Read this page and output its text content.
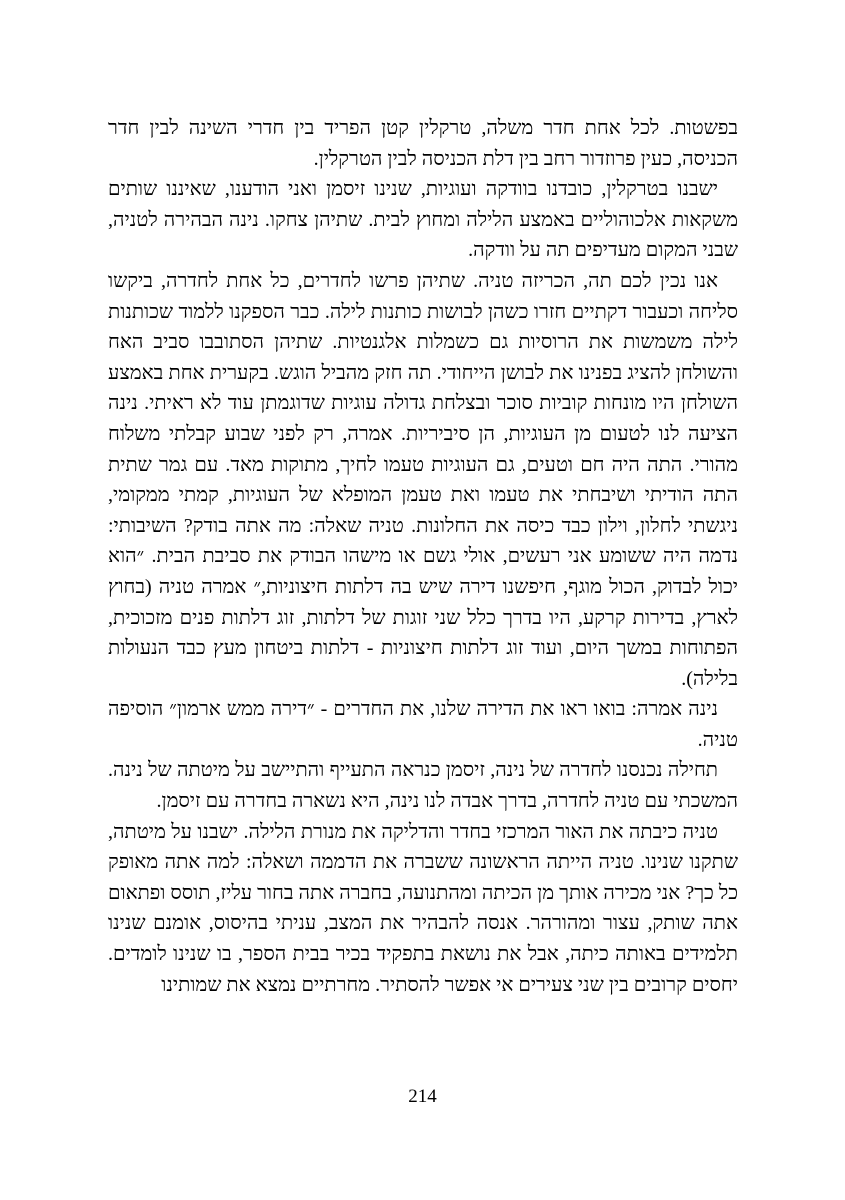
בפשטות. לכל אחת חדר משלה, טרקלין קטן הפריד בין חדרי השינה לבין חדר הכניסה, כעין פרוזדור רחב בין דלת הכניסה לבין הטרקלין.

ישבנו בטרקלין, כובדנו בוודקה ועוגיות, שנינו זיסמן ואני הודענו, שאיננו שותים משקאות אלכוהוליים באמצע הלילה ומחוץ לבית. שתיהן צחקו. נינה הבהירה לטניה, שבני המקום מעדיפים תה על וודקה.

אנו נכין לכם תה, הכריזה טניה. שתיהן פרשו לחדרים, כל אחת לחדרה, ביקשו סליחה וכעבור דקתיים חזרו כשהן לבושות כותנות לילה. כבר הספקנו ללמוד שכותנות לילה משמשות את הרוסיות גם כשמלות אלגנטיות. שתיהן הסתובבו סביב האח והשולחן להציג בפנינו את לבושן הייחודי. תה חזק מהביל הוגש. בקערית אחת באמצע השולחן היו מונחות קוביות סוכר ובצלחת גדולה עוגיות שדוגמתן עוד לא ראיתי. נינה הציעה לנו לטעום מן העוגיות, הן סיביריות. אמרה, רק לפני שבוע קבלתי משלוח מהורי. התה היה חם וטעים, גם העוגיות טעמו לחיך, מתוקות מאד. עם גמר שתית התה הודיתי ושיבחתי את טעמו ואת טעמן המופלא של העוגיות, קמתי ממקומי, ניגשתי לחלון, וילון כבד כיסה את החלונות. טניה שאלה: מה אתה בודק? השיבותי: נדמה היה ששומע אני רעשים, אולי גשם או מישהו הבודק את סביבת הבית. ״הוא יכול לבדוק, הכול מוגף, חיפשנו דירה שיש בה דלתות חיצוניות,״ אמרה טניה (בחוץ לארץ, בדירות קרקע, היו בדרך כלל שני זוגות של דלתות, זוג דלתות פנים מזכוכית, הפתוחות במשך היום, ועוד זוג דלתות חיצוניות - דלתות ביטחון מעץ כבד הנעולות בלילה).

נינה אמרה: בואו ראו את הדירה שלנו, את החדרים - ״דירה ממש ארמון״ הוסיפה טניה.

תחילה נכנסנו לחדרה של נינה, זיסמן כנראה התעייף והתיישב על מיטתה של נינה. המשכתי עם טניה לחדרה, בדרך אבדה לנו נינה, היא נשארה בחדרה עם זיסמן.

טניה כיבתה את האור המרכזי בחדר והדליקה את מנורת הלילה. ישבנו על מיטתה, שתקנו שנינו. טניה הייתה הראשונה ששברה את הדממה ושאלה: למה אתה מאופק כל כך? אני מכירה אותך מן הכיתה ומהתנועה, בחברה אתה בחור עליז, תוסס ופתאום אתה שותק, עצור ומהורהר. אנסה להבהיר את המצב, עניתי בהיסוס, אומנם שנינו תלמידים באותה כיתה, אבל את נושאת בתפקיד בכיר בבית הספר, בו שנינו לומדים. יחסים קרובים בין שני צעירים אי אפשר להסתיר. מחרתיים נמצא את שמותינו

214
